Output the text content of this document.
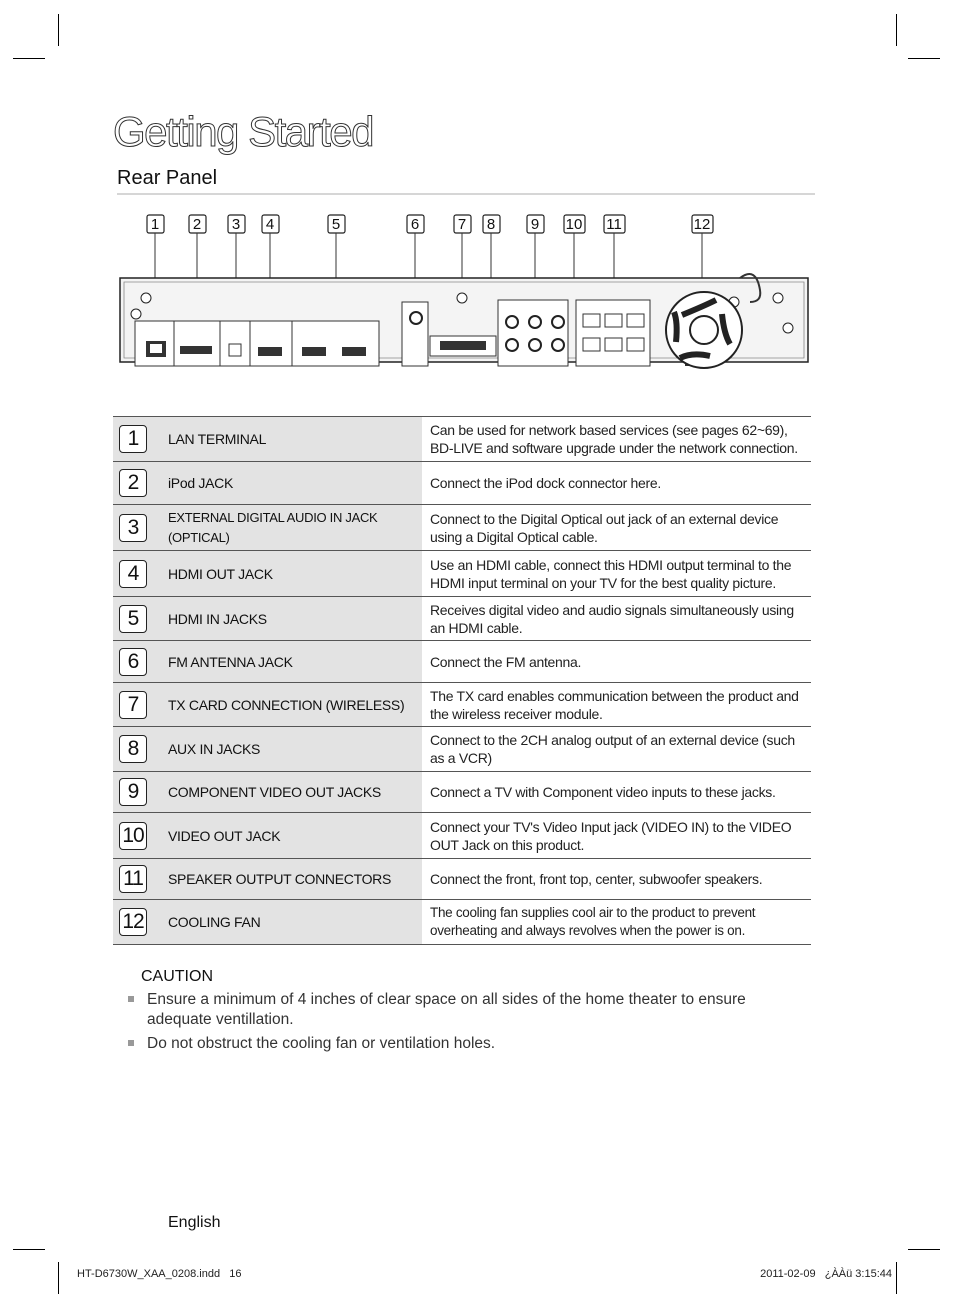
Getting Started
Rear Panel
1 2 3 4	5	6	7 8 9 10 11	12
1	LAN TERMINAL	Can be used for network based services (see pages 62~69), BD-LIVE and software upgrade under the network connection.
2	iPod JACK	Connect the iPod dock connector here.
3	EXTERNAL DIGITAL AUDIO IN JACK (OPTICAL)	Connect to the Digital Optical out jack of an external device using a Digital Optical cable.
4	HDMI OUT JACK	Use an HDMI cable, connect this HDMI output terminal to the HDMI input terminal on your TV for the best quality picture.
5	HDMI IN JACKS	Receives digital video and audio signals simultaneously using an HDMI cable.
6	FM ANTENNA JACK	Connect the FM antenna.
7	TX CARD CONNECTION (WIRELESS)	The TX card enables communication between the product and the wireless receiver module.
8	AUX IN JACKS	Connect to the 2CH analog output of an external device (such as a VCR)
9	COMPONENT VIDEO OUT JACKS	Connect a TV with Component video inputs to these jacks.
10	VIDEO OUT JACK	Connect your TV's Video Input jack (VIDEO IN) to the VIDEO OUT Jack on this product.
11	SPEAKER OUTPUT CONNECTORS	Connect the front, front top, center, subwoofer speakers.
12	COOLING FAN	The cooling fan supplies cool air to the product to prevent overheating and always revolves when the power is on.
CAUTION
Ensure a minimum of 4 inches of clear space on all sides of the home theater to ensure adequate ventillation.
Do not obstruct the cooling fan or ventilation holes.
English
HT-D6730W_XAA_0208.indd   16	2011-02-09   ¿ÀÀü 3:15:44
